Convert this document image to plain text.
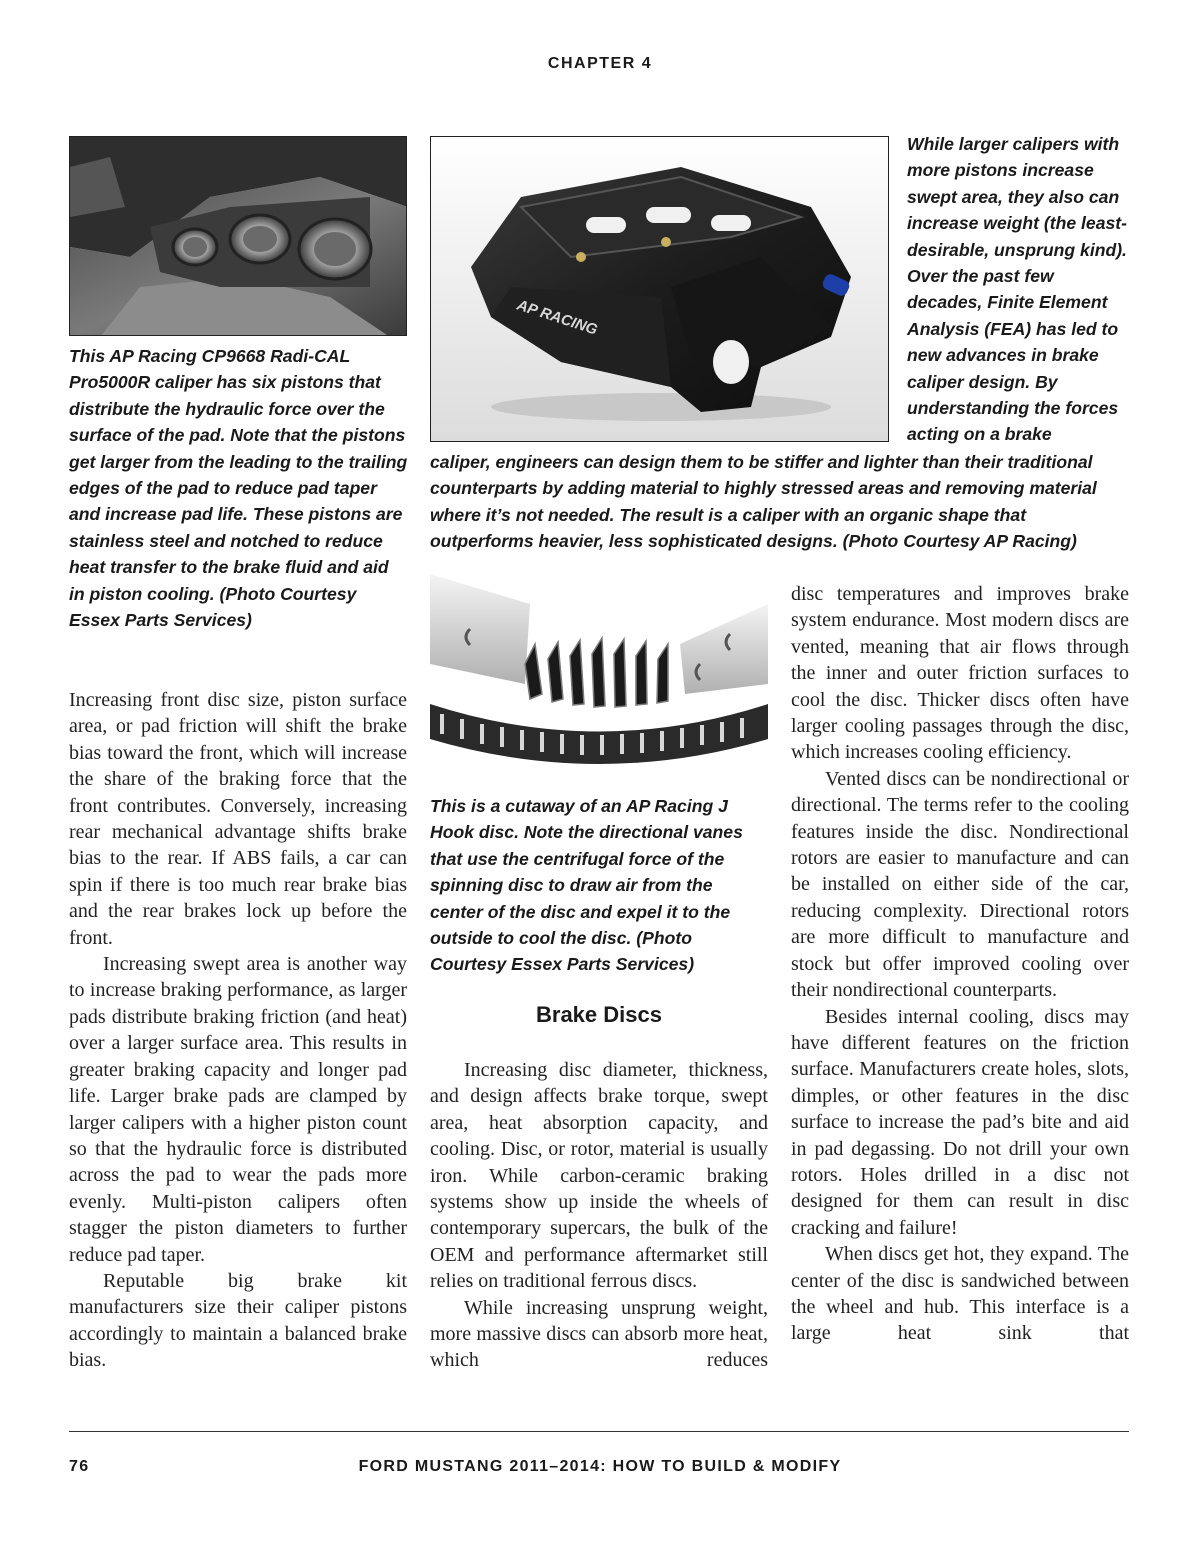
CHAPTER 4
AP RACING
While larger calipers with more pistons increase swept area, they also can increase weight (the least-desirable, unsprung kind). Over the past few decades, Finite Element Analysis (FEA) has led to new advances in brake caliper design. By understanding the forces acting on a brake
This AP Racing CP9668 Radi-CAL Pro5000R caliper has six pistons that distribute the hydraulic force over the surface of the pad. Note that the pistons get larger from the leading to the trailing edges of the pad to reduce pad taper and increase pad life. These pistons are stainless steel and notched to reduce heat transfer to the brake fluid and aid in piston cooling. (Photo Courtesy Essex Parts Services)
caliper, engineers can design them to be stiffer and lighter than their traditional counterparts by adding material to highly stressed areas and removing material where it’s not needed. The result is a caliper with an organic shape that outperforms heavier, less sophisticated designs. (Photo Courtesy AP Racing)
This is a cutaway of an AP Racing J Hook disc. Note the directional vanes that use the centrifugal force of the spinning disc to draw air from the center of the disc and expel it to the outside to cool the disc. (Photo Courtesy Essex Parts Services)

Increasing front disc size, piston surface area, or pad friction will shift the brake bias toward the front, which will increase the share of the braking force that the front contributes. Conversely, increasing rear mechanical advantage shifts brake bias to the rear. If ABS fails, a car can spin if there is too much rear brake bias and the rear brakes lock up before the front.

Increasing swept area is another way to increase braking performance, as larger pads distribute braking friction (and heat) over a larger surface area. This results in greater braking capacity and longer pad life. Larger brake pads are clamped by larger calipers with a higher piston count so that the hydraulic force is distributed across the pad to wear the pads more evenly. Multi-piston calipers often stagger the piston diameters to further reduce pad taper.

Reputable big brake kit manufacturers size their caliper pistons accordingly to maintain a balanced brake bias.

Brake Discs

Increasing disc diameter, thickness, and design affects brake torque, swept area, heat absorption capacity, and cooling. Disc, or rotor, material is usually iron. While carbon-ceramic braking systems show up inside the wheels of contemporary supercars, the bulk of the OEM and performance aftermarket still relies on traditional ferrous discs.

While increasing unsprung weight, more massive discs can absorb more heat, which reduces

disc temperatures and improves brake system endurance. Most modern discs are vented, meaning that air flows through the inner and outer friction surfaces to cool the disc. Thicker discs often have larger cooling passages through the disc, which increases cooling efficiency.

Vented discs can be nondirectional or directional. The terms refer to the cooling features inside the disc. Nondirectional rotors are easier to manufacture and can be installed on either side of the car, reducing complexity. Directional rotors are more difficult to manufacture and stock but offer improved cooling over their nondirectional counterparts.

Besides internal cooling, discs may have different features on the friction surface. Manufacturers create holes, slots, dimples, or other features in the disc surface to increase the pad’s bite and aid in pad degassing. Do not drill your own rotors. Holes drilled in a disc not designed for them can result in disc cracking and failure!

When discs get hot, they expand. The center of the disc is sandwiched between the wheel and hub. This interface is a large heat sink that

76	FORD MUSTANG 2011–2014: HOW TO BUILD & MODIFY
